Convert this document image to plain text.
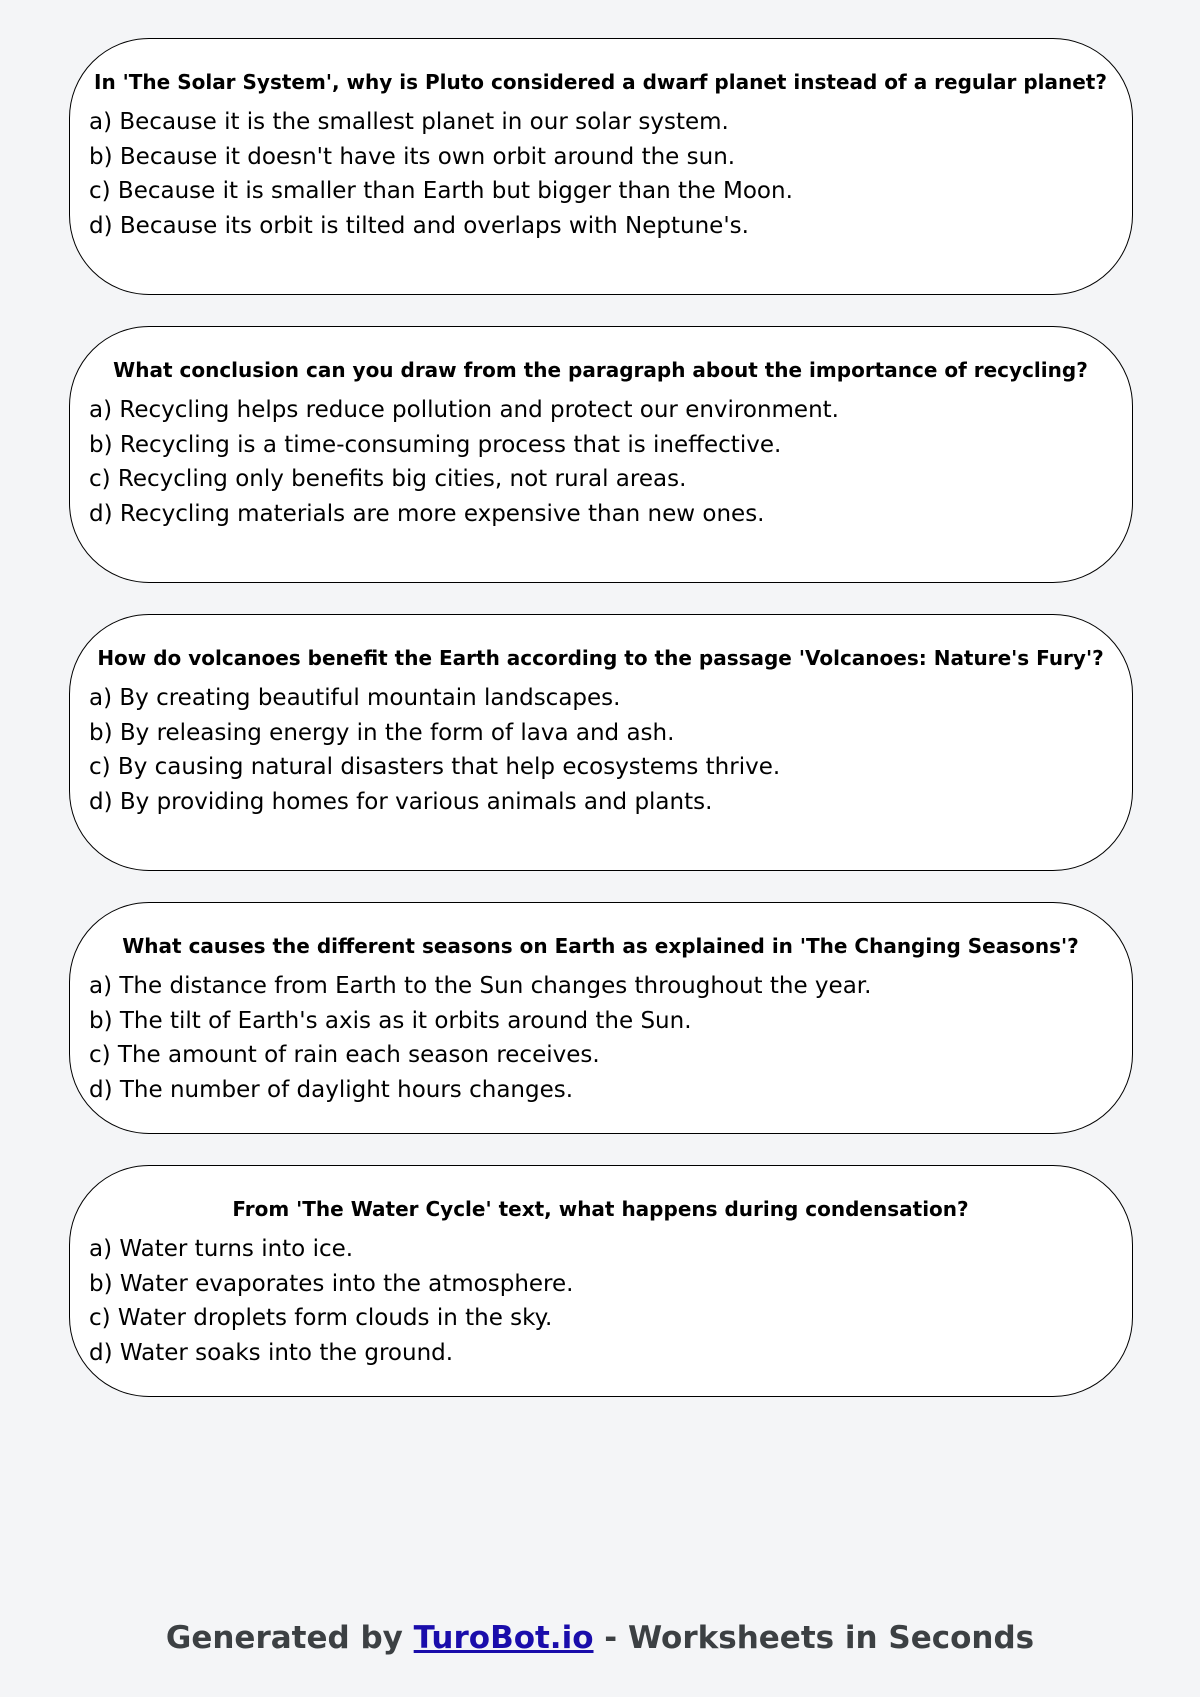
In 'The Solar System', why is Pluto considered a dwarf planet instead of a regular planet?

a) Because it is the smallest planet in our solar system.
b) Because it doesn't have its own orbit around the sun.
c) Because it is smaller than Earth but bigger than the Moon.
d) Because its orbit is tilted and overlaps with Neptune's.

What conclusion can you draw from the paragraph about the importance of recycling?

a) Recycling helps reduce pollution and protect our environment.
b) Recycling is a time-consuming process that is ineffective.
c) Recycling only benefits big cities, not rural areas.
d) Recycling materials are more expensive than new ones.

How do volcanoes benefit the Earth according to the passage 'Volcanoes: Nature's Fury'?

a) By creating beautiful mountain landscapes.
b) By releasing energy in the form of lava and ash.
c) By causing natural disasters that help ecosystems thrive.
d) By providing homes for various animals and plants.

What causes the different seasons on Earth as explained in 'The Changing Seasons'?

a) The distance from Earth to the Sun changes throughout the year.
b) The tilt of Earth's axis as it orbits around the Sun.
c) The amount of rain each season receives.
d) The number of daylight hours changes.

From 'The Water Cycle' text, what happens during condensation?

a) Water turns into ice.
b) Water evaporates into the atmosphere.
c) Water droplets form clouds in the sky.
d) Water soaks into the ground.
Generated by TuroBot.io - Worksheets in Seconds
